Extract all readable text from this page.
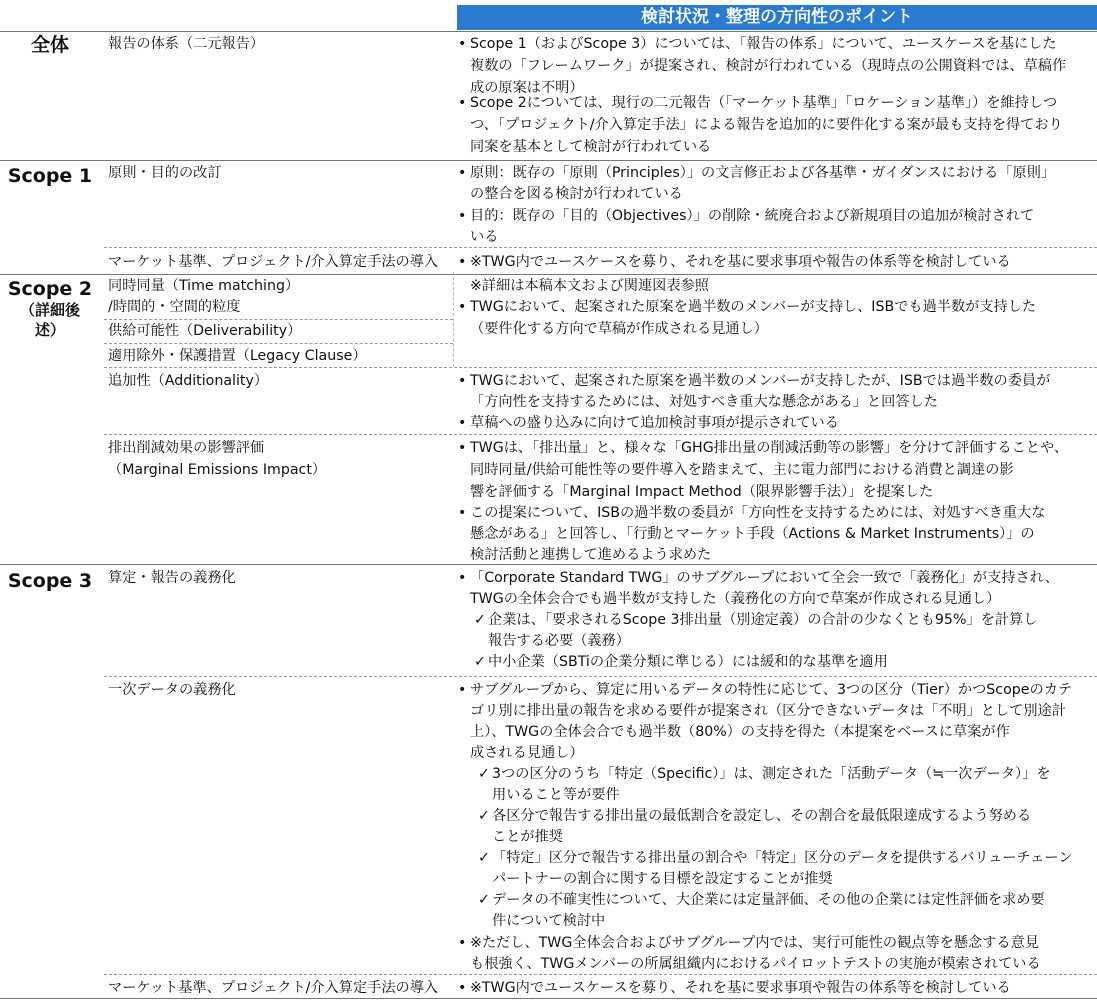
検討状況・整理の方向性のポイント
全体
Scope 1
Scope 2
（詳細後
述）
Scope 3
報告の体系（二元報告）
原則・目的の改訂
マーケット基準、プロジェクト/介入算定手法の導入
同時同量（Time matching）
/時間的・空間的粒度
供給可能性（Deliverability）
適用除外・保護措置（Legacy Clause）
追加性（Additionality）
排出削減効果の影響評価
（Marginal Emissions Impact）
算定・報告の義務化
一次データの義務化
マーケット基準、プロジェクト/介入算定手法の導入
• Scope 1（およびScope 3）については、「報告の体系」について、ユースケースを基にした
複数の「フレームワーク」が提案され、検討が行われている（現時点の公開資料では、草稿作
成の原案は不明）
• Scope 2については、現行の二元報告（「マーケット基準」「ロケーション基準」）を維持しつ
つ、「プロジェクト/介入算定手法」による報告を追加的に要件化する案が最も支持を得ており
同案を基本として検討が行われている
• 原則：既存の「原則（Principles）」の文言修正および各基準・ガイダンスにおける「原則」
の整合を図る検討が行われている
• 目的：既存の「目的（Objectives）」の削除・統廃合および新規項目の追加が検討されて
いる
• ※TWG内でユースケースを募り、それを基に要求事項や報告の体系等を検討している
※詳細は本稿本文および関連図表参照
• TWGにおいて、起案された原案を過半数のメンバーが支持し、ISBでも過半数が支持した
（要件化する方向で草稿が作成される見通し）
• TWGにおいて、起案された原案を過半数のメンバーが支持したが、ISBでは過半数の委員が
「方向性を支持するためには、対処すべき重大な懸念がある」と回答した
• 草稿への盛り込みに向けて追加検討事項が提示されている
• TWGは、「排出量」と、様々な「GHG排出量の削減活動等の影響」を分けて評価することや、
同時同量/供給可能性等の要件導入を踏まえて、主に電力部門における消費と調達の影
響を評価する「Marginal Impact Method（限界影響手法）」を提案した
• この提案について、ISBの過半数の委員が「方向性を支持するためには、対処すべき重大な
懸念がある」と回答し、「行動とマーケット手段（Actions & Market Instruments）」の
検討活動と連携して進めるよう求めた
• 「Corporate Standard TWG」のサブグループにおいて全会一致で「義務化」が支持され、
TWGの全体会合でも過半数が支持した（義務化の方向で草案が作成される見通し）
✓ 企業は、「要求されるScope 3排出量（別途定義）の合計の少なくとも95%」を計算し
報告する必要（義務）
✓ 中小企業（SBTiの企業分類に準じる）には緩和的な基準を適用
• サブグループから、算定に用いるデータの特性に応じて、3つの区分（Tier）かつScopeのカテ
ゴリ別に排出量の報告を求める要件が提案され（区分できないデータは「不明」として別途計
上）、TWGの全体会合でも過半数（80%）の支持を得た（本提案をベースに草案が作
成される見通し）
✓ 3つの区分のうち「特定（Specific）」は、測定された「活動データ（≒一次データ）」を
用いること等が要件
✓ 各区分で報告する排出量の最低割合を設定し、その割合を最低限達成するよう努める
ことが推奨
✓ 「特定」区分で報告する排出量の割合や「特定」区分のデータを提供するバリューチェーン
パートナーの割合に関する目標を設定することが推奨
✓ データの不確実性について、大企業には定量評価、その他の企業には定性評価を求め要
件について検討中
• ※ただし、TWG全体会合およびサブグループ内では、実行可能性の観点等を懸念する意見
も根強く、TWGメンバーの所属組織内におけるパイロットテストの実施が模索されている
• ※TWG内でユースケースを募り、それを基に要求事項や報告の体系等を検討している
